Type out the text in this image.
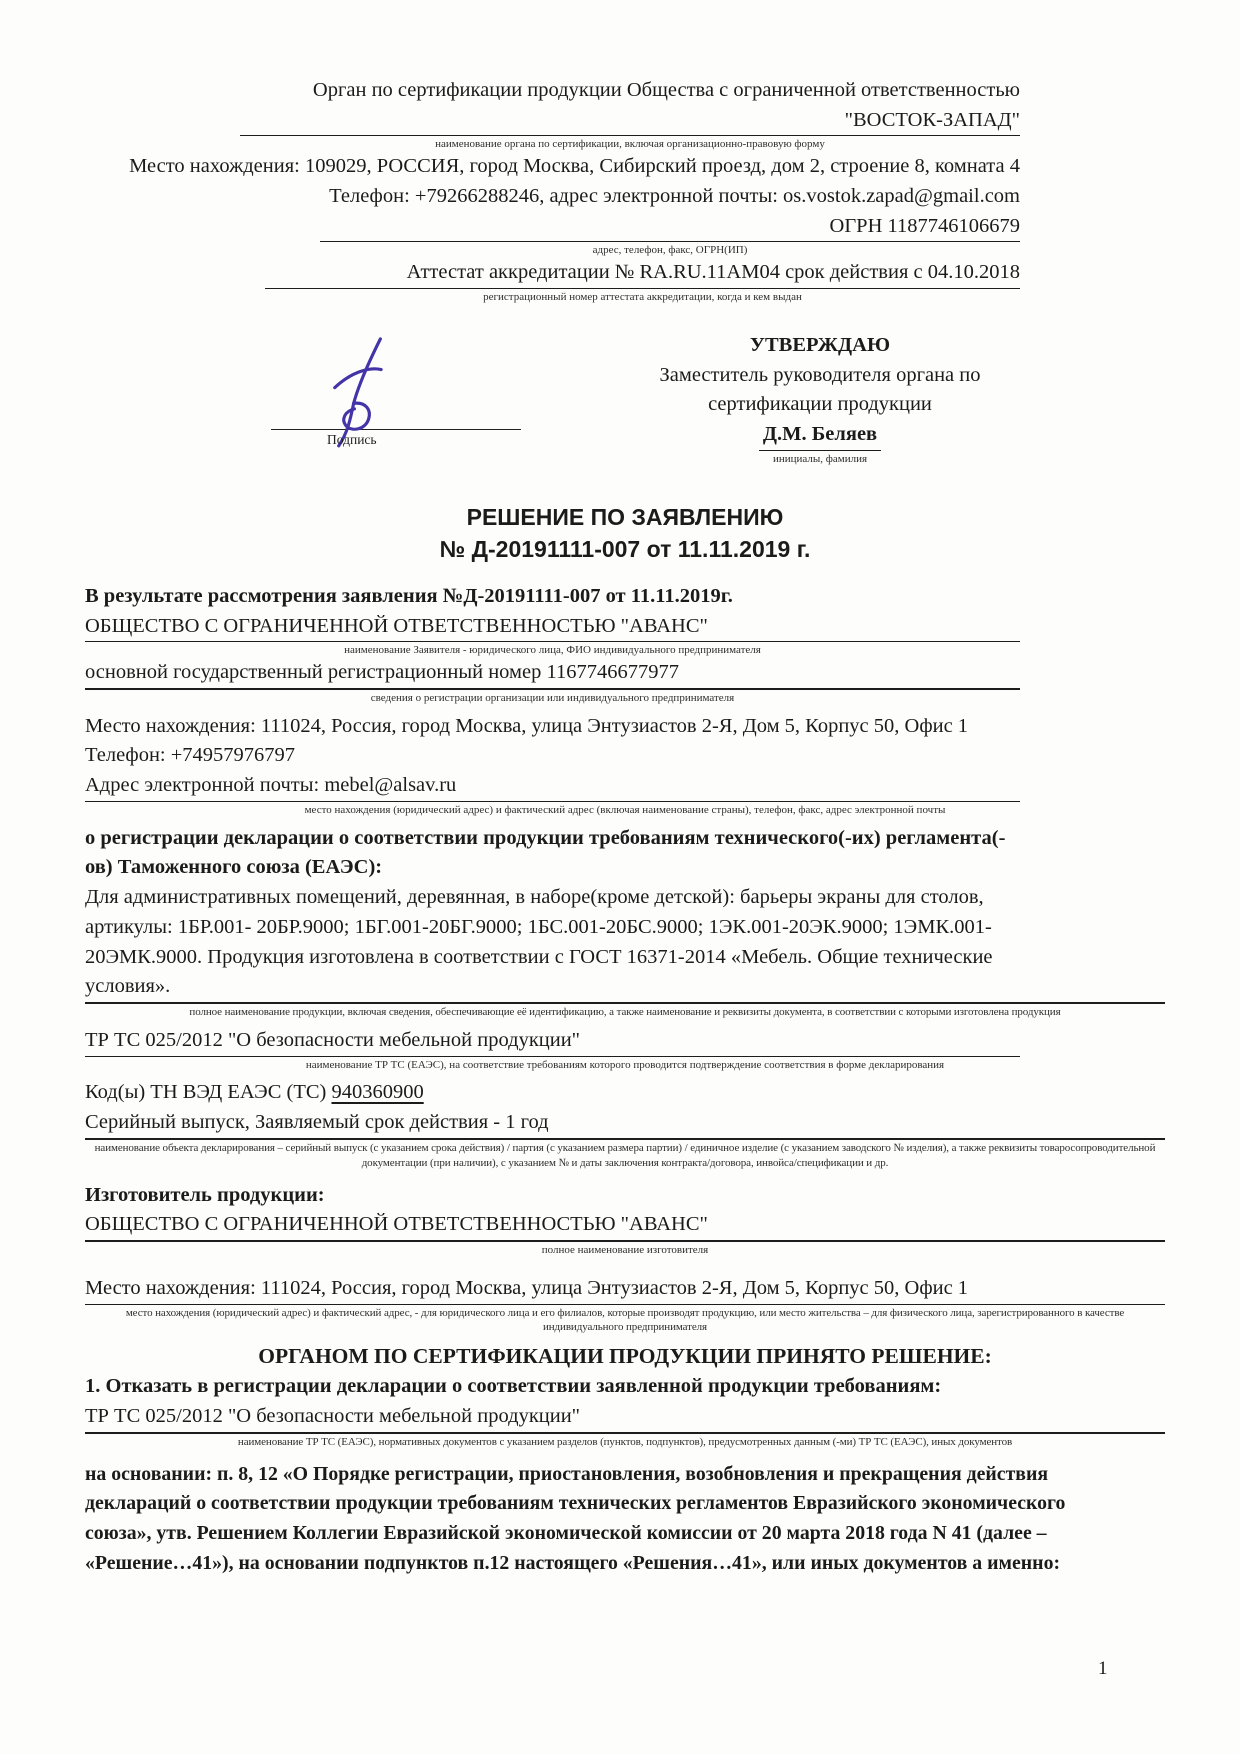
Орган по сертификации продукции Общества с ограниченной ответственностью
"ВОСТОК-ЗАПАД"
наименование органа по сертификации, включая организационно-правовую форму
Место нахождения: 109029, РОССИЯ, город Москва, Сибирский проезд, дом 2, строение 8, комната 4
Телефон: +79266288246, адрес электронной почты: os.vostok.zapad@gmail.com
ОГРН 1187746106679
адрес, телефон, факс, ОГРН(ИП)
Аттестат аккредитации № RA.RU.11AM04 срок действия с 04.10.2018
регистрационный номер аттестата аккредитации, когда и кем выдан
Подпись
УТВЕРЖДАЮ
Заместитель руководителя органа по сертификации продукции
Д.М. Беляев
инициалы, фамилия
РЕШЕНИЕ ПО ЗАЯВЛЕНИЮ
№ Д-20191111-007 от 11.11.2019 г.
В результате рассмотрения заявления №Д-20191111-007 от 11.11.2019г.
ОБЩЕСТВО С ОГРАНИЧЕННОЙ ОТВЕТСТВЕННОСТЬЮ "АВАНС"
наименование Заявителя - юридического лица, ФИО индивидуального предпринимателя
основной государственный регистрационный номер 1167746677977
сведения о регистрации организации или индивидуального предпринимателя
Место нахождения: 111024, Россия, город Москва, улица Энтузиастов 2-Я, Дом 5, Корпус 50, Офис 1
Телефон: +74957976797
Адрес электронной почты: mebel@alsav.ru
место нахождения (юридический адрес) и фактический адрес (включая наименование страны), телефон, факс, адрес электронной почты
о регистрации декларации о соответствии продукции требованиям технического(-их) регламента(-ов) Таможенного союза (ЕАЭС):
Для административных помещений, деревянная, в наборе(кроме детской): барьеры экраны для столов, артикулы: 1БР.001- 20БР.9000; 1БГ.001-20БГ.9000; 1БС.001-20БС.9000; 1ЭК.001-20ЭК.9000; 1ЭМК.001-20ЭМК.9000. Продукция изготовлена в соответствии с ГОСТ 16371-2014 «Мебель. Общие технические условия».
полное наименование продукции, включая сведения, обеспечивающие её идентификацию, а также наименование и реквизиты документа, в соответствии с которыми изготовлена продукция
ТР ТС 025/2012 "О безопасности мебельной продукции"
наименование ТР ТС (ЕАЭС), на соответствие требованиям которого проводится подтверждение соответствия в форме декларирования
Код(ы) ТН ВЭД ЕАЭС (ТС) 940360900
Серийный выпуск, Заявляемый срок действия - 1 год
наименование объекта декларирования – серийный выпуск (с указанием срока действия) / партия (с указанием размера партии) / единичное изделие (с указанием заводского № изделия), а также реквизиты товаросопроводительной документации (при наличии), с указанием № и даты заключения контракта/договора, инвойса/спецификации и др.
Изготовитель продукции:
ОБЩЕСТВО С ОГРАНИЧЕННОЙ ОТВЕТСТВЕННОСТЬЮ "АВАНС"
полное наименование изготовителя
Место нахождения: 111024, Россия, город Москва, улица Энтузиастов 2-Я, Дом 5, Корпус 50, Офис 1
место нахождения (юридический адрес) и фактический адрес, - для юридического лица и его филиалов, которые производят продукцию, или место жительства – для физического лица, зарегистрированного в качестве индивидуального предпринимателя
ОРГАНОМ ПО СЕРТИФИКАЦИИ ПРОДУКЦИИ ПРИНЯТО РЕШЕНИЕ:
1. Отказать в регистрации декларации о соответствии заявленной продукции требованиям:
ТР ТС 025/2012 "О безопасности мебельной продукции"
наименование ТР ТС (ЕАЭС), нормативных документов с указанием разделов (пунктов, подпунктов), предусмотренных данным (-ми) ТР ТС (ЕАЭС), иных документов
на основании: п. 8, 12 «О Порядке регистрации, приостановления, возобновления и прекращения действия деклараций о соответствии продукции требованиям технических регламентов Евразийского экономического союза», утв. Решением Коллегии Евразийской экономической комиссии от 20 марта 2018 года N 41 (далее – «Решение…41»), на основании подпунктов п.12 настоящего «Решения…41», или иных документов а именно:
1
